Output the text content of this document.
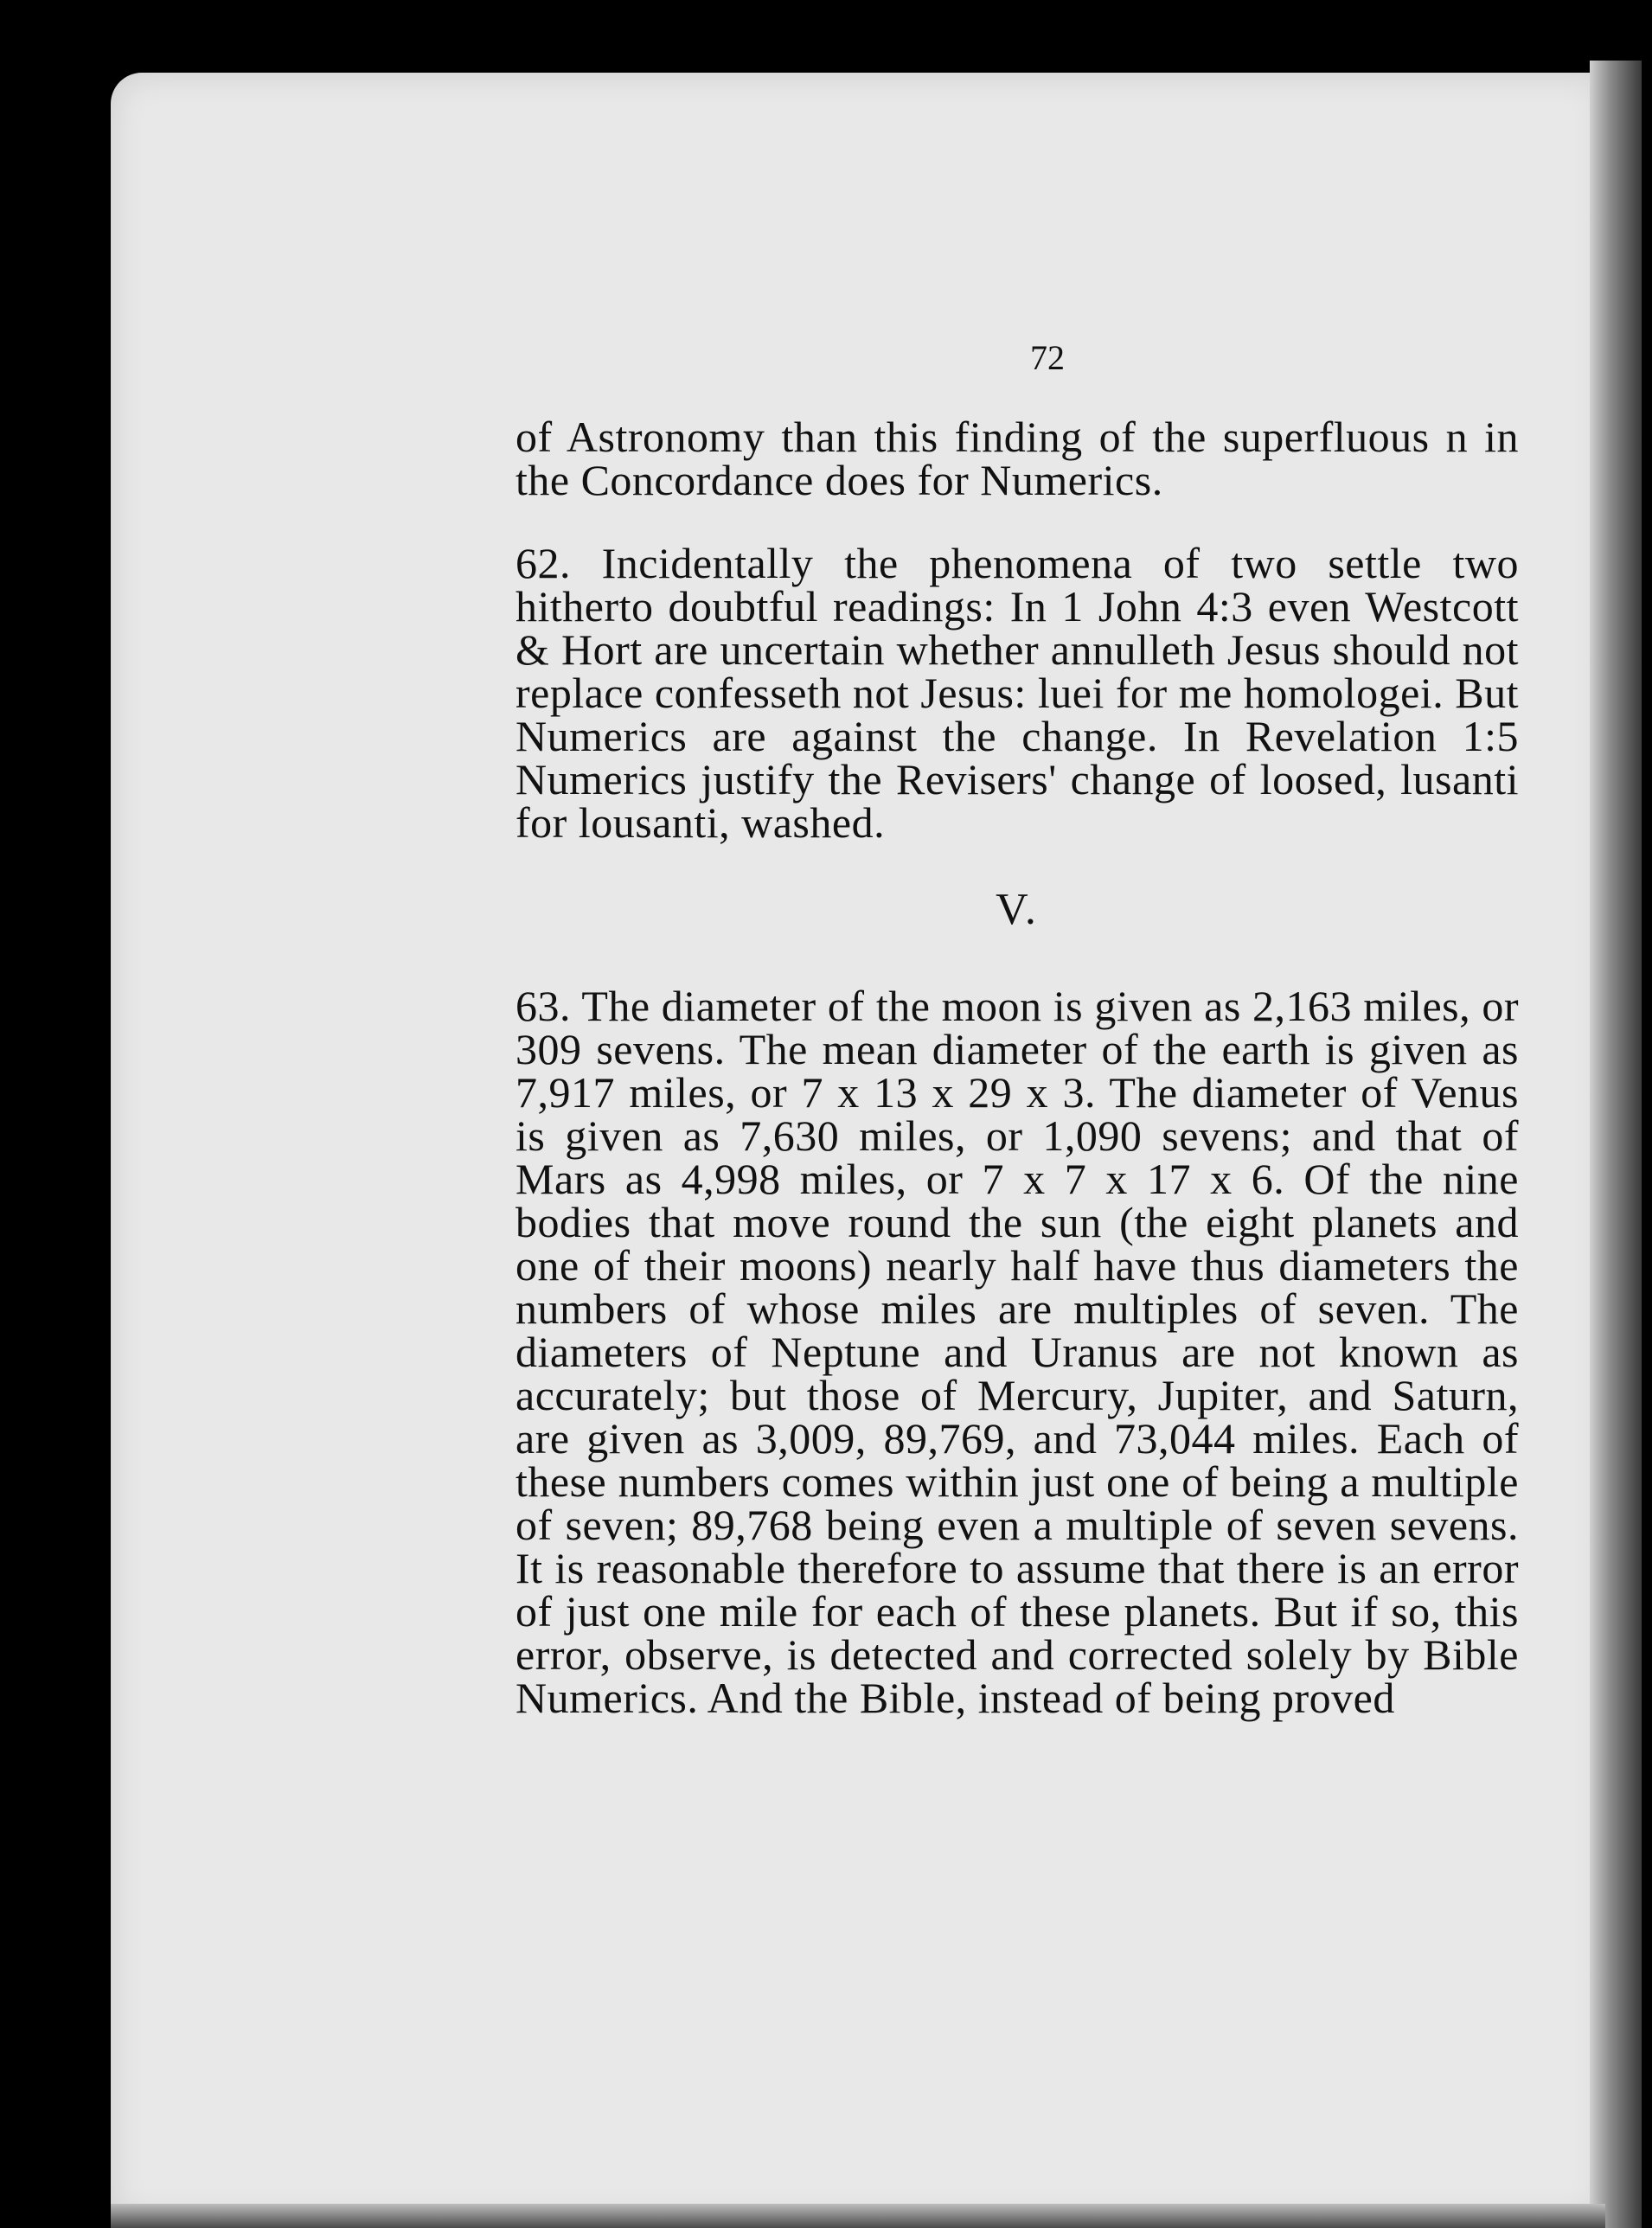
72

of Astronomy than this finding of the superfluous n in the Concordance does for Numerics.

62. Incidentally the phenomena of two settle two hitherto doubtful readings: In 1 John 4:3 even Westcott & Hort are uncertain whether annulleth Jesus should not replace confesseth not Jesus: luei for me homologei. But Numerics are against the change. In Revelation 1:5 Numerics justify the Revisers' change of loosed, lusanti for lousanti, washed.

V.

63. The diameter of the moon is given as 2,163 miles, or 309 sevens. The mean diameter of the earth is given as 7,917 miles, or 7 x 13 x 29 x 3. The diameter of Venus is given as 7,630 miles, or 1,090 sevens; and that of Mars as 4,998 miles, or 7 x 7 x 17 x 6. Of the nine bodies that move round the sun (the eight planets and one of their moons) nearly half have thus diameters the numbers of whose miles are multiples of seven. The diameters of Neptune and Uranus are not known as accurately; but those of Mercury, Jupiter, and Saturn, are given as 3,009, 89,769, and 73,044 miles. Each of these numbers comes within just one of being a multiple of seven; 89,768 being even a multiple of seven sevens. It is reasonable therefore to assume that there is an error of just one mile for each of these planets. But if so, this error, observe, is detected and corrected solely by Bible Numerics. And the Bible, instead of being proved
